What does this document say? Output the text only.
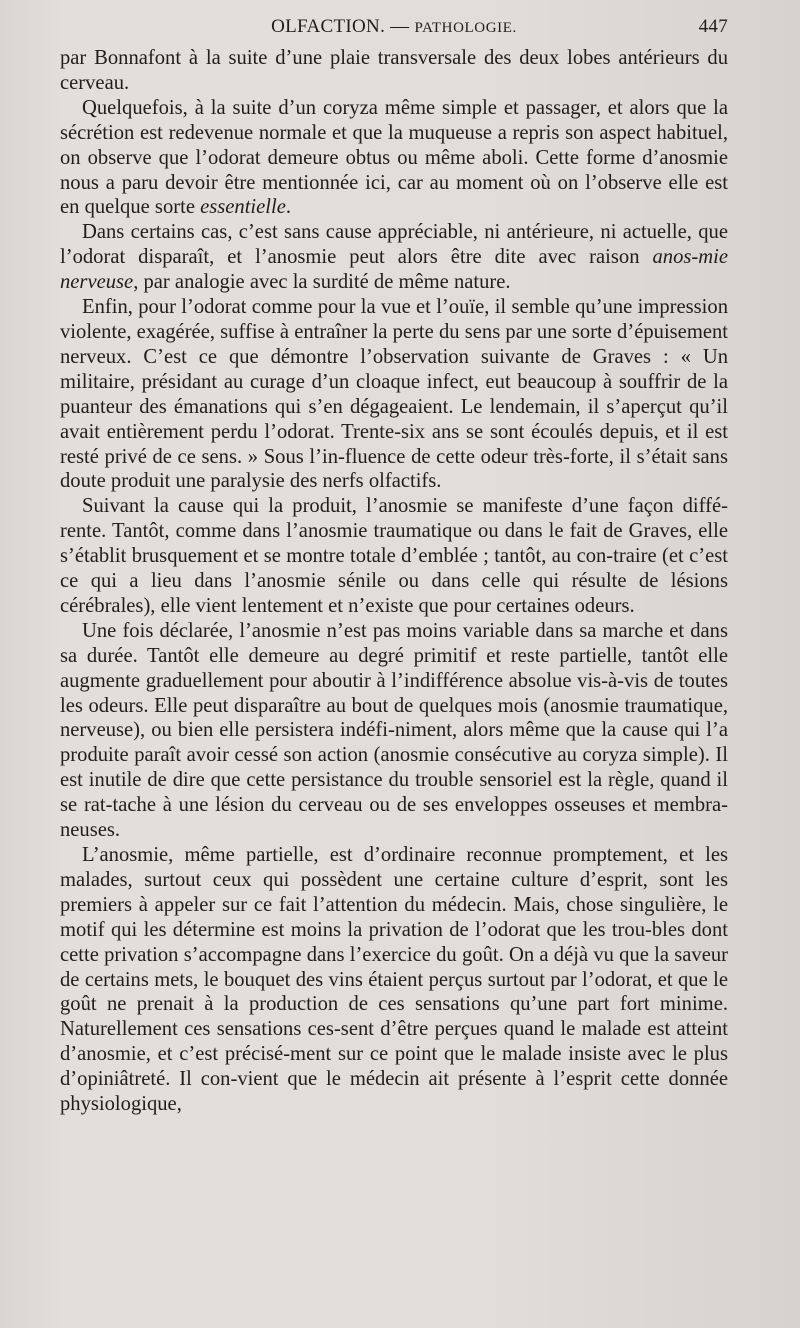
OLFACTION. — PATHOLOGIE.	447

par Bonnafont à la suite d’une plaie transversale des deux lobes antérieurs du cerveau.

Quelquefois, à la suite d’un coryza même simple et passager, et alors que la sécrétion est redevenue normale et que la muqueuse a repris son aspect habituel, on observe que l’odorat demeure obtus ou même aboli. Cette forme d’anosmie nous a paru devoir être mentionnée ici, car au moment où on l’observe elle est en quelque sorte essentielle.

Dans certains cas, c’est sans cause appréciable, ni antérieure, ni actuelle, que l’odorat disparaît, et l’anosmie peut alors être dite avec raison anos-mie nerveuse, par analogie avec la surdité de même nature.

Enfin, pour l’odorat comme pour la vue et l’ouïe, il semble qu’une impression violente, exagérée, suffise à entraîner la perte du sens par une sorte d’épuisement nerveux. C’est ce que démontre l’observation suivante de Graves : « Un militaire, présidant au curage d’un cloaque infect, eut beaucoup à souffrir de la puanteur des émanations qui s’en dégageaient. Le lendemain, il s’aperçut qu’il avait entièrement perdu l’odorat. Trente-six ans se sont écoulés depuis, et il est resté privé de ce sens. » Sous l’in-fluence de cette odeur très-forte, il s’était sans doute produit une paralysie des nerfs olfactifs.

Suivant la cause qui la produit, l’anosmie se manifeste d’une façon diffé-rente. Tantôt, comme dans l’anosmie traumatique ou dans le fait de Graves, elle s’établit brusquement et se montre totale d’emblée ; tantôt, au con-traire (et c’est ce qui a lieu dans l’anosmie sénile ou dans celle qui résulte de lésions cérébrales), elle vient lentement et n’existe que pour certaines odeurs.

Une fois déclarée, l’anosmie n’est pas moins variable dans sa marche et dans sa durée. Tantôt elle demeure au degré primitif et reste partielle, tantôt elle augmente graduellement pour aboutir à l’indifférence absolue vis-à-vis de toutes les odeurs. Elle peut disparaître au bout de quelques mois (anosmie traumatique, nerveuse), ou bien elle persistera indéfi-niment, alors même que la cause qui l’a produite paraît avoir cessé son action (anosmie consécutive au coryza simple). Il est inutile de dire que cette persistance du trouble sensoriel est la règle, quand il se rat-tache à une lésion du cerveau ou de ses enveloppes osseuses et membra-neuses.

L’anosmie, même partielle, est d’ordinaire reconnue promptement, et les malades, surtout ceux qui possèdent une certaine culture d’esprit, sont les premiers à appeler sur ce fait l’attention du médecin. Mais, chose singulière, le motif qui les détermine est moins la privation de l’odorat que les trou-bles dont cette privation s’accompagne dans l’exercice du goût. On a déjà vu que la saveur de certains mets, le bouquet des vins étaient perçus surtout par l’odorat, et que le goût ne prenait à la production de ces sensations qu’une part fort minime. Naturellement ces sensations ces-sent d’être perçues quand le malade est atteint d’anosmie, et c’est précisé-ment sur ce point que le malade insiste avec le plus d’opiniâtreté. Il con-vient que le médecin ait présente à l’esprit cette donnée physiologique,
